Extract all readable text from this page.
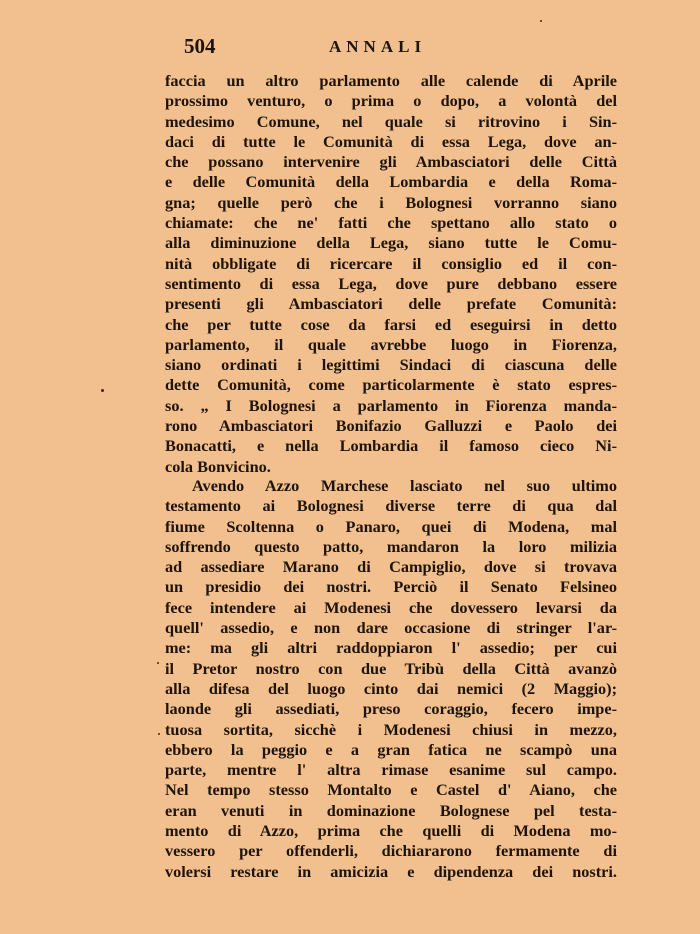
504	ANNALI
faccia un altro parlamento alle calende di Aprile
prossimo venturo, o prima o dopo, a volontà del
medesimo Comune, nel quale si ritrovino i Sin-
daci di tutte le Comunità di essa Lega, dove an-
che possano intervenire gli Ambasciatori delle Città
e delle Comunità della Lombardia e della Roma-
gna; quelle però che i Bolognesi vorranno siano
chiamate: che ne' fatti che spettano allo stato o
alla diminuzione della Lega, siano tutte le Comu-
nità obbligate di ricercare il consiglio ed il con-
sentimento di essa Lega, dove pure debbano essere
presenti gli Ambasciatori delle prefate Comunità:
che per tutte cose da farsi ed eseguirsi in detto
parlamento, il quale avrebbe luogo in Fiorenza,
siano ordinati i legittimi Sindaci di ciascuna delle
dette Comunità, come particolarmente è stato espres-
so. „ I Bolognesi a parlamento in Fiorenza manda-
rono Ambasciatori Bonifazio Galluzzi e Paolo dei
Bonacatti, e nella Lombardia il famoso cieco Ni-
cola Bonvicino.
Avendo Azzo Marchese lasciato nel suo ultimo
testamento ai Bolognesi diverse terre di qua dal
fiume Scoltenna o Panaro, quei di Modena, mal
soffrendo questo patto, mandaron la loro milizia
ad assediare Marano di Campiglio, dove si trovava
un presidio dei nostri. Perciò il Senato Felsineo
fece intendere ai Modenesi che dovessero levarsi da
quell' assedio, e non dare occasione di stringer l'ar-
me: ma gli altri raddoppiaron l' assedio; per cui
il Pretor nostro con due Tribù della Città avanzò
alla difesa del luogo cinto dai nemici (2 Maggio);
laonde gli assediati, preso coraggio, fecero impe-
tuosa sortita, sicchè i Modenesi chiusi in mezzo,
ebbero la peggio e a gran fatica ne scampò una
parte, mentre l' altra rimase esanime sul campo.
Nel tempo stesso Montalto e Castel d' Aiano, che
eran venuti in dominazione Bolognese pel testa-
mento di Azzo, prima che quelli di Modena mo-
vessero per offenderli, dichiararono fermamente di
volersi restare in amicizia e dipendenza dei nostri.
